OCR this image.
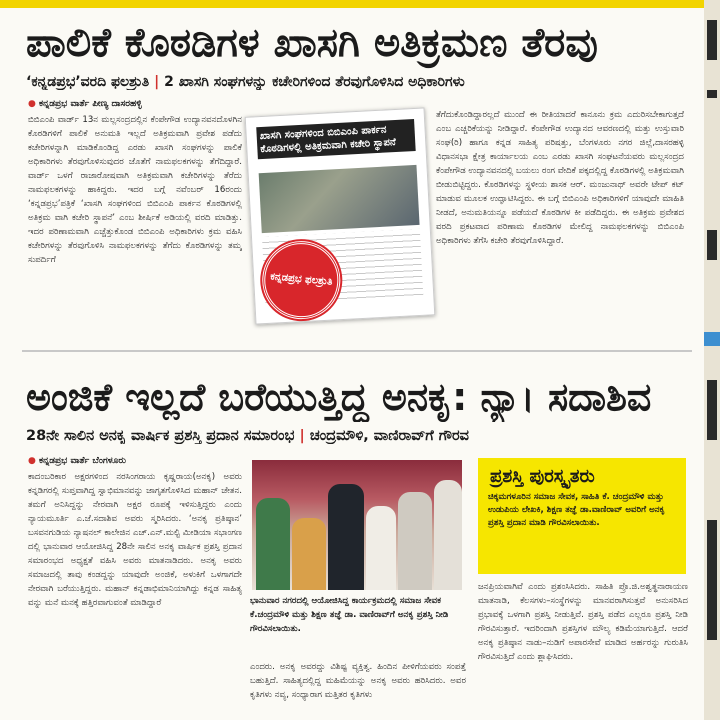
ಪಾಲಿಕೆ ಕೊಠಡಿಗಳ ಖಾಸಗಿ ಅತಿಕ್ರಮಣ ತೆರವು
‘ಕನ್ನಡಪ್ರಭ’ವರದಿ ಫಲಶ್ರುತಿ | 2 ಖಾಸಗಿ ಸಂಘಗಳನ್ನು ಕಚೇರಿಗಳಿಂದ ತೆರವುಗೊಳಿಸಿದ ಅಧಿಕಾರಿಗಳು
● ಕನ್ನಡಪ್ರಭ ವಾರ್ತೆ ಪೀಣ್ಯ ದಾಸರಹಳ್ಳಿ
ಬಿಬಿಎಂಪಿ ವಾರ್ಡ್ 13ನ ಮಲ್ಲಸಂದ್ರದಲ್ಲಿನ ಕೆಂಪೇಗೌಡ ಉದ್ಯಾನವನದೊಳಗಿನ ಕೊಠಡಿಗಳಿಗೆ ಪಾಲಿಕೆ ಅನುಮತಿ ಇಲ್ಲದೆ ಅತಿಕ್ರಮವಾಗಿ ಪ್ರವೇಶ ಪಡೆದು ಕಚೇರಿಗಳನ್ನಾಗಿ ಮಾಡಿಕೊಂಡಿದ್ದ ಎರಡು ಖಾಸಗಿ ಸಂಘಗಳನ್ನು ಪಾಲಿಕೆ ಅಧಿಕಾರಿಗಳು ತೆರವುಗೊಳಿಸುವುದರ ಜೊತೆಗೆ ನಾಮಫಲಕಗಳನ್ನು ತೆಗೆದಿದ್ದಾರೆ. ವಾರ್ಡ್ ಒಳಗೆ ರಾಜಾರೋಷವಾಗಿ ಅತಿಕ್ರಮವಾಗಿ ಕಚೇರಿಗಳನ್ನು ತೆರೆದು ನಾಮಫಲಕಗಳನ್ನು ಹಾಕಿದ್ದರು. ಇದರ ಬಗ್ಗೆ ನವೆಂಬರ್ 16ರಂದು ‘ಕನ್ನಡಪ್ರಭ’ಪತ್ರಿಕೆ ‘ಖಾಸಗಿ ಸಂಘಗಳಿಂದ ಬಿಬಿಎಂಪಿ ಪಾರ್ಕನ ಕೊಠಡಿಗಳಲ್ಲಿ ಅತಿಕ್ರಮ ವಾಗಿ ಕಚೇರಿ ಸ್ಥಾಪನೆ’ ಎಂಬ ಶೀರ್ಷಿಕೆ ಅಡಿಯಲ್ಲಿ ವರದಿ ಮಾಡಿತ್ತು. ಇದರ ಪರಿಣಾಮವಾಗಿ ಎಚ್ಚೆತ್ತುಕೊಂಡ ಬಿಬಿಎಂಪಿ ಅಧಿಕಾರಿಗಳು ಕ್ರಮ ವಹಿಸಿ ಕಚೇರಿಗಳನ್ನು ತೆರವುಗೊಳಿಸಿ ನಾಮಫಲಕಗಳನ್ನು ತೆಗೆದು ಕೊಠಡಿಗಳನ್ನು ತಮ್ಮ ಸುಪರ್ದಿಗೆ
ಖಾಸಗಿ ಸಂಘಗಳಿಂದ ಬಿಬಿಎಂಪಿ ಪಾರ್ಕನ ಕೊಠಡಿಗಳಲ್ಲಿ ಅತಿಕ್ರಮವಾಗಿ ಕಚೇರಿ ಸ್ಥಾಪನೆ

ಕನ್ನಡಪ್ರಭ ಫಲಶ್ರುತಿ
ತೆಗೆದುಕೊಂಡಿದ್ದಾರಲ್ಲದೆ ಮುಂದೆ ಈ ರೀತಿಯಾದರೆ ಕಾನೂನು ಕ್ರಮ ಎದುರಿಸಬೇಕಾಗುತ್ತದೆ ಎಂಬ ಎಚ್ಚರಿಕೆಯನ್ನು ನೀಡಿದ್ದಾರೆ. ಕೆಂಪೇಗೌಡ ಉದ್ಯಾನದ ಆವರಣದಲ್ಲಿ ಮತ್ತು ಉಸ್ತುವಾರಿ ಸಂಘ(ರಿ) ಹಾಗೂ ಕನ್ನಡ ಸಾಹಿತ್ಯ ಪರಿಷತ್ತು, ಬೆಂಗಳೂರು ನಗರ ಜಿಲ್ಲೆ,ದಾಸರಹಳ್ಳಿ ವಿಧಾನಸಭಾ ಕ್ಷೇತ್ರ ಕಾರ್ಯಾಲಯ ಎಂಬ ಎರಡು ಖಾಸಗಿ ಸಂಘಟನೆಯವರು ಮಲ್ಲಸಂದ್ರದ ಕೆಂಪೇಗೌಡ ಉದ್ಯಾನವನದಲ್ಲಿ ಬಯಲು ರಂಗ ವೇದಿಕೆ ಪಕ್ಕದಲ್ಲಿದ್ದ ಕೊಠಡಿಗಳಲ್ಲಿ ಅತಿಕ್ರಮವಾಗಿ ಬೀಡುಬಿಟ್ಟಿದ್ದರು. ಕೊಠಡಿಗಳನ್ನು ಸ್ಥಳೀಯ ಶಾಸಕ ಆರ್. ಮಂಜುನಾಥ್ ಅವರೇ ಟೇಪ್ ಕಟ್ ಮಾಡುವ ಮೂಲಕ ಉದ್ಘಾಟಿಸಿದ್ದರು. ಈ ಬಗ್ಗೆ ಬಿಬಿಎಂಪಿ ಅಧಿಕಾರಿಗಳಿಗೆ ಯಾವುದೇ ಮಾಹಿತಿ ನೀಡದೆ, ಅನುಮತಿಯನ್ನೂ ಪಡೆಯದೆ ಕೊಠಡಿಗಳ ಕೀ ಪಡೆದಿದ್ದರು. ಈ ಅತಿಕ್ರಮ ಪ್ರವೇಶದ ವರದಿ ಪ್ರಕಟವಾದ ಪರಿಣಾಮ ಕೊಠಡಿಗಳ ಮೇಲಿದ್ದ ನಾಮಫಲಕಗಳನ್ನು ಬಿಬಿಎಂಪಿ ಅಧಿಕಾರಿಗಳು ತೆಗೆಸಿ ಕಚೇರಿ ತೆರವುಗೊಳಿಸಿದ್ದಾರೆ.
ಅಂಜಿಕೆ ಇಲ್ಲದೆ ಬರೆಯುತ್ತಿದ್ದ ಅನಕೃ: ನ್ಯಾ। ಸದಾಶಿವ
28ನೇ ಸಾಲಿನ ಅನಕೃ ವಾರ್ಷಿಕ ಪ್ರಶಸ್ತಿ ಪ್ರದಾನ ಸಮಾರಂಭ | ಚಂದ್ರಮೌಳಿ, ವಾಣಿರಾವ್‌ಗೆ ಗೌರವ
● ಕನ್ನಡಪ್ರಭ ವಾರ್ತೆ ಬೆಂಗಳೂರು
ಕಾದಂಬರಿಕಾರ ಅಕ್ಷರಗಳಿಂದ ನರಸಿಂಗರಾಯ ಕೃಷ್ಣರಾಯ(ಅನಕೃ) ಅವರು ಕನ್ನಡಿಗರಲ್ಲಿ ಸುಪ್ತವಾಗಿದ್ದ ಸ್ವಾಭಿಮಾನವನ್ನು ಜಾಗೃತಗೊಳಿಸಿದ ಮಹಾನ್ ಚೇತನ. ತಮಗೆ ಅನಿಸಿದ್ದನ್ನು ನೇರವಾಗಿ ಅಕ್ಷರ ರೂಪಕ್ಕೆ ಇಳಿಸುತ್ತಿದ್ದರು ಎಂದು ನ್ಯಾಯಮೂರ್ತಿ ಎ.ಜೆ.ಸದಾಶಿವ ಅವರು ಸ್ಮರಿಸಿದರು. ‘ಅನಕೃ ಪ್ರತಿಷ್ಠಾನ’ ಬಸವನಗುಡಿಯ ನ್ಯಾಷನಲ್ ಕಾಲೇಜಿನ ಎಚ್.ಎನ್.ಮಲ್ಟಿ ಮೀಡಿಯಾ ಸಭಾಂಗಣ ದಲ್ಲಿ ಭಾನುವಾರ ಆಯೋಜಿಸಿದ್ದ 28ನೇ ಸಾಲಿನ ಅನಕೃ ವಾರ್ಷಿಕ ಪ್ರಶಸ್ತಿ ಪ್ರದಾನ ಸಮಾರಂಭದ ಅಧ್ಯಕ್ಷತೆ ವಹಿಸಿ ಅವರು ಮಾತನಾಡಿದರು. ಅನಕೃ ಅವರು ಸಮಾಜದಲ್ಲಿ ತಾವು ಕಂಡದ್ದನ್ನು ಯಾವುದೇ ಅಂಜಿಕೆ, ಅಳುಕಿಗೆ ಒಳಗಾಗದೇ ನೇರವಾಗಿ ಬರೆಯುತ್ತಿದ್ದರು. ಮಹಾನ್ ಕನ್ನಡಾಭಿಮಾನಿಯಾಗಿದ್ದು ಕನ್ನಡ ಸಾಹಿತ್ಯ ವನ್ನು ಮನೆ ಮನಕ್ಕೆ ಹತ್ತಿರವಾಗುವಂತೆ ಮಾಡಿದ್ದಾರೆ	ಭಾನುವಾರ ನಗರದಲ್ಲಿ ಆಯೋಜಿಸಿದ್ದ ಕಾರ್ಯಕ್ರಮದಲ್ಲಿ ಸಮಾಜ ಸೇವಕ ಕೆ.ಚಂದ್ರಮೌಳಿ ಮತ್ತು ಶಿಕ್ಷಣ ತಜ್ಞೆ ಡಾ. ವಾಣಿರಾವ್‌ಗೆ ಅನಕೃ ಪ್ರಶಸ್ತಿ ನೀಡಿ ಗೌರವಿಸಲಾಯಿತು.
ಎಂದರು. ಅನಕೃ ಅವರದ್ದು ವಿಶಿಷ್ಟ ವ್ಯಕ್ತಿತ್ವ. ಹಿಂದಿನ ಪೀಳಿಗೆಯವರು ಸಂಪತ್ತೆ ಬಹುತ್ತಿದೆ. ಸಾಹಿತ್ಯದಲ್ಲಿದ್ದ ಮಹಿಮೆಯನ್ನು ಅನಕೃ ಅವರು ಹರಿಸಿದರು. ಅವರ ಕೃತಿಗಳು ನವ್ಯ, ಸಂಧ್ಯಾರಾಗ ಮತ್ತಿತರ ಕೃತಿಗಳು
ಪ್ರಶಸ್ತಿ ಪುರಸ್ಕೃತರು
ಚಿಕ್ಕಮಗಳೂರಿನ ಸಮಾಜ ಸೇವಕ, ಸಾಹಿತಿ ಕೆ. ಚಂದ್ರಮೌಳಿ ಮತ್ತು ಉಡುಪಿಯ ಲೇಖಕಿ, ಶಿಕ್ಷಣ ತಜ್ಞೆ ಡಾ.ವಾಣಿರಾವ್ ಅವರಿಗೆ ಅನಕೃ ಪ್ರಶಸ್ತಿ ಪ್ರದಾನ ಮಾಡಿ ಗೌರವಿಸಲಾಯಿತು.
ಜನಪ್ರಿಯವಾಗಿವೆ ಎಂದು ಪ್ರಶಂಸಿಸಿದರು. ಸಾಹಿತಿ ಪ್ರೊ.ಜಿ.ಅಶ್ವತ್ಥನಾರಾಯಣ ಮಾತನಾಡಿ, ಕೆಲಸಗಳು–ಸಂಸ್ಥೆಗಳನ್ನು ಮಾನವರಾಗಿಸುತ್ತವೆ ಅನುಸರಿಸಿದ ಪ್ರಭಾವಕ್ಕೆ ಒಳಗಾಗಿ ಪ್ರಶಸ್ತಿ ನೀಡುತ್ತಿವೆ. ಪ್ರಶಸ್ತಿ ಪಡೆದ ಎಲ್ಲರೂ ಪ್ರಶಸ್ತಿ ನೀಡಿ ಗೌರವಿಸುತ್ತಾರೆ. ಇದರಿಂದಾಗಿ ಪ್ರಶಸ್ತಿಗಳ ಮೌಲ್ಯ ಕಡಿಮೆಯಾಗುತ್ತಿದೆ. ಆದರೆ ಅನಕೃ ಪ್ರತಿಷ್ಠಾನ ನಾಡು–ನುಡಿಗೆ ಅಪಾರಸೇವೆ ಮಾಡಿದ ಅರ್ಹರನ್ನು ಗುರುತಿಸಿ ಗೌರವಿಸುತ್ತಿದೆ ಎಂದು ಶ್ಲಾಘಿಸಿದರು.
